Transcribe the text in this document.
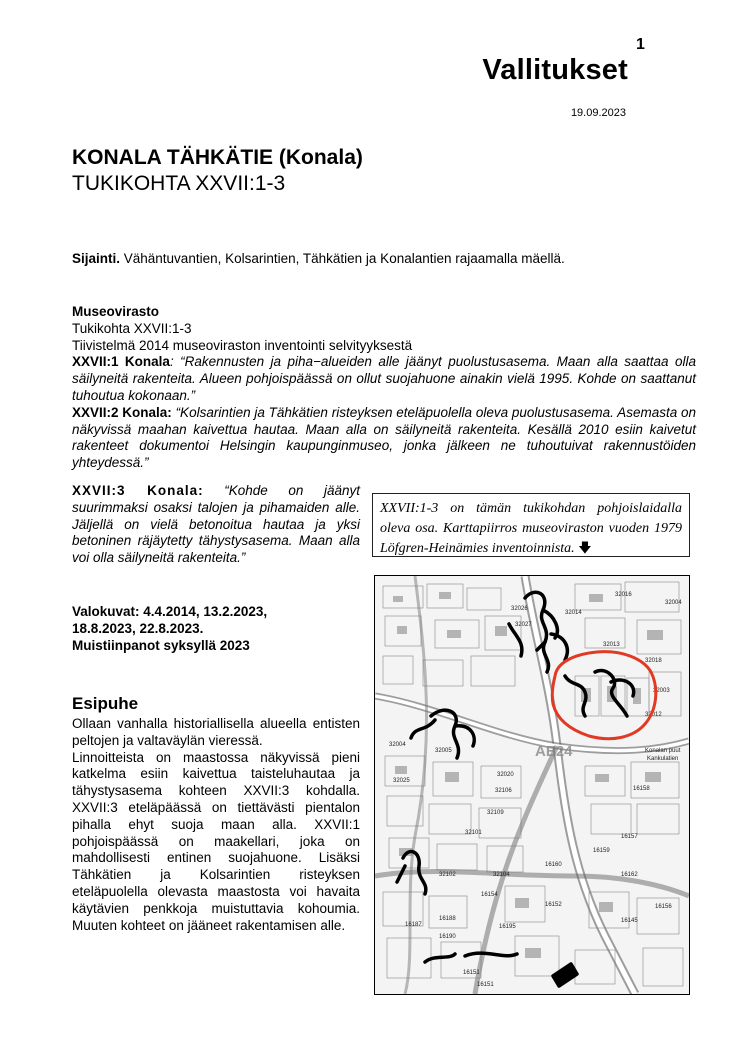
1
Vallitukset
19.09.2023
KONALA TÄHKÄTIE (Konala)
TUKIKOHTA XXVII:1-3
Sijainti. Vähäntuvantien, Kolsarintien, Tähkätien ja Konalantien rajaamalla mäellä.
Museovirasto
Tukikohta XXVII:1-3
Tiivistelmä 2014 museoviraston inventointi selvityyksestä

XXVII:1 Konala: “Rakennusten ja piha−alueiden alle jäänyt puolustusasema. Maan alla saattaa olla säilyneitä rakenteita. Alueen pohjoispäässä on ollut suojahuone ainakin vielä 1995. Kohde on saattanut tuhoutua kokonaan.”

XXVII:2 Konala: “Kolsarintien ja Tähkätien risteyksen eteläpuolella oleva puolustusasema. Asemasta on näkyvissä maahan kaivettua hautaa. Maan alla on säilyneitä rakenteita. Kesällä 2010 esiin kaivetut rakenteet dokumentoi Helsingin kaupunginmuseo, jonka jälkeen ne tuhoutuivat rakennustöiden yhteydessä.”

XXVII:3 Konala: “Kohde on jäänyt suurimmaksi osaksi talojen ja pihamaiden alle. Jäljellä on vielä betonoitua hautaa ja yksi betoninen räjäytetty tähystysasema. Maan alla voi olla säilyneitä rakenteita.”
XXVII:1-3 on tämän tukikohdan pohjoislaidalla oleva osa. Karttapiirros museoviraston vuoden 1979 Löfgren-Heinämies inventoinnista. 🡇
Valokuvat: 4.4.2014, 13.2.2023,
18.8.2023, 22.8.2023.
Muistiinpanot syksyllä 2023
Esipuhe
Ollaan vanhalla historiallisella alueella entisten peltojen ja valtaväylän vieressä.
Linnoitteista on maastossa näkyvissä pieni katkelma esiin kaivettua taisteluhautaa ja tähystysasema kohteen XXVII:3 kohdalla. XXVII:3 eteläpäässä on tiettävästi pientalon pihalla ehyt suoja maan alla. XXVII:1 pohjoispäässä on maakellari, joka on mahdollisesti entinen suojahuone. Lisäksi Tähkätien ja Kolsarintien risteyksen eteläpuolella olevasta maastosta voi havaita käytävien penkkoja muistuttavia kohoumia. Muuten kohteet on jääneet rakentamisen alle.
32026
32027
32016
32004
32014
32013
32018
32003
32004
32005
32025
32106
32109
32101
32102	32104
16158
16157
16159
16160
16151
16152
16145
16195
16188
16187
16190
32012
32020
16162
16154
16156
16151
Konalan puut
Kankulatien
AE24
